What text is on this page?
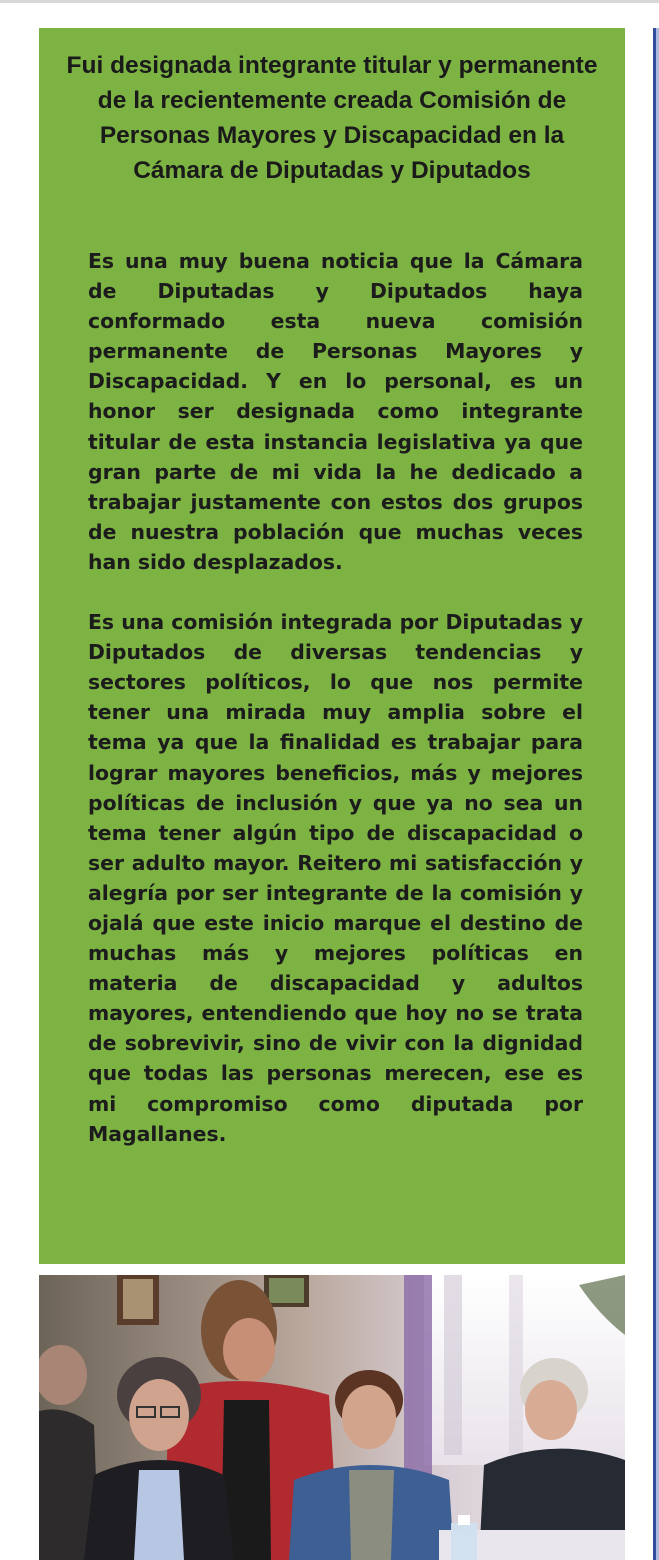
Fui designada integrante titular y permanente de la recientemente creada Comisión de Personas Mayores y Discapacidad en la Cámara de Diputadas y Diputados

Es una muy buena noticia que la Cámara de Diputadas y Diputados haya conformado esta nueva comisión permanente de Personas Mayores y Discapacidad. Y en lo personal, es un honor ser designada como integrante titular de esta instancia legislativa ya que gran parte de mi vida la he dedicado a trabajar justamente con estos dos grupos de nuestra población que muchas veces han sido desplazados.

Es una comisión integrada por Diputadas y Diputados de diversas tendencias y sectores políticos, lo que nos permite tener una mirada muy amplia sobre el tema ya que la finalidad es trabajar para lograr mayores beneficios, más y mejores políticas de inclusión y que ya no sea un tema tener algún tipo de discapacidad o ser adulto mayor. Reitero mi satisfacción y alegría por ser integrante de la comisión y ojalá que este inicio marque el destino de muchas más y mejores políticas en materia de discapacidad y adultos mayores, entendiendo que hoy no se trata de sobrevivir, sino de vivir con la dignidad que todas las personas merecen, ese es mi compromiso como diputada por Magallanes.
